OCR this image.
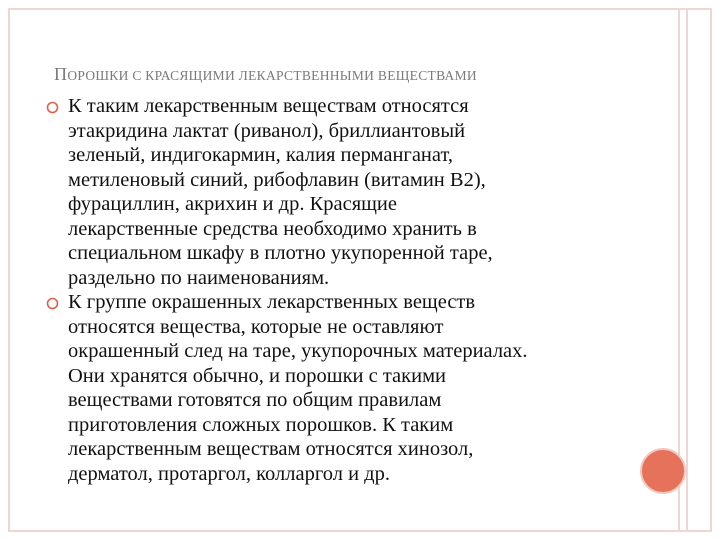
ПОРОШКИ С КРАСЯЩИМИ ЛЕКАРСТВЕННЫМИ ВЕЩЕСТВАМИ
К таким лекарственным веществам относятся
этакридина лактат (риванол), бриллиантовый
зеленый, индигокармин, калия перманганат,
метиленовый синий, рибофлавин (витамин В2),
фурациллин, акрихин и др. Красящие
лекарственные средства необходимо хранить в
специальном шкафу в плотно укупоренной таре,
раздельно по наименованиям.
К группе окрашенных лекарственных веществ
относятся вещества, которые не оставляют
окрашенный след на таре, укупорочных материалах.
Они хранятся обычно, и порошки с такими
веществами готовятся по общим правилам
приготовления сложных порошков. К таким
лекарственным веществам относятся хинозол,
дерматол, протаргол, колларгол и др.
